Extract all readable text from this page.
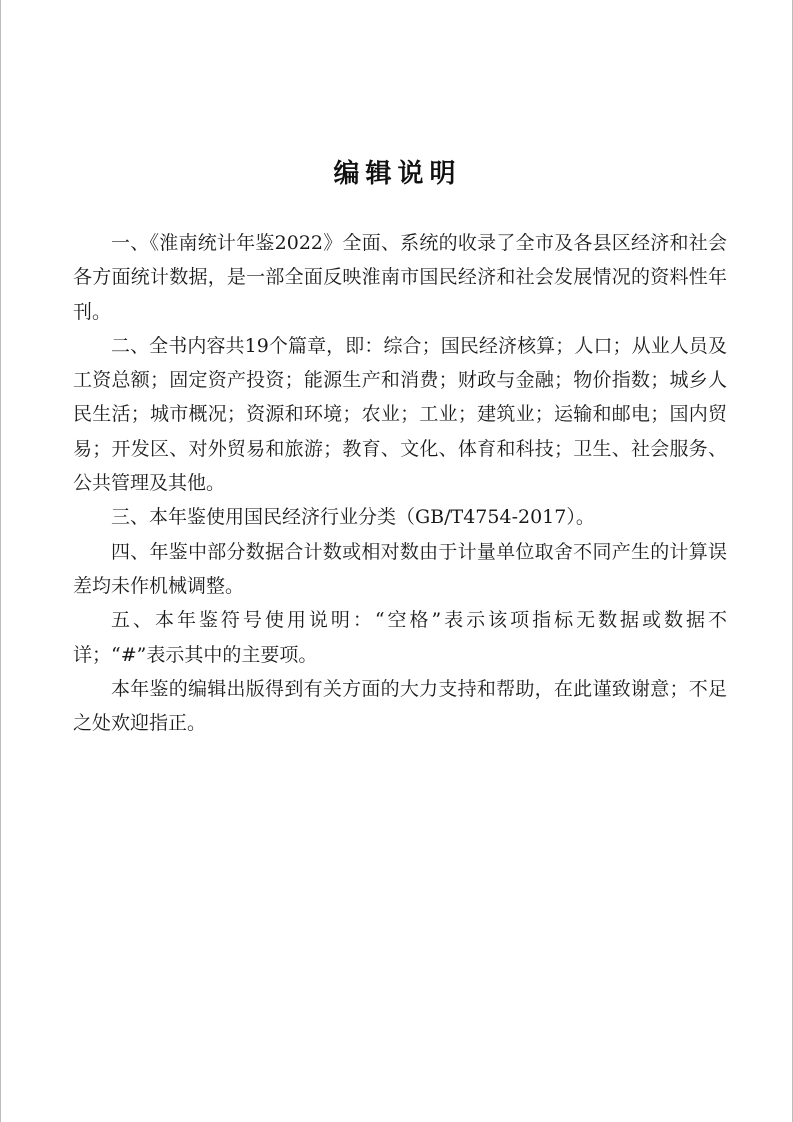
编辑说明

一、《淮南统计年鉴2022》全面、系统的收录了全市及各县区经济和社会各方面统计数据，是一部全面反映淮南市国民经济和社会发展情况的资料性年刊。

二、全书内容共19个篇章，即：综合；国民经济核算；人口；从业人员及工资总额；固定资产投资；能源生产和消费；财政与金融；物价指数；城乡人民生活；城市概况；资源和环境；农业；工业；建筑业；运输和邮电；国内贸易；开发区、对外贸易和旅游；教育、文化、体育和科技；卫生、社会服务、公共管理及其他。

三、本年鉴使用国民经济行业分类（GB/T4754-2017）。

四、年鉴中部分数据合计数或相对数由于计量单位取舍不同产生的计算误差均未作机械调整。

五、本年鉴符号使用说明：“空格”表示该项指标无数据或数据不详；“#”表示其中的主要项。

本年鉴的编辑出版得到有关方面的大力支持和帮助，在此谨致谢意；不足之处欢迎指正。
